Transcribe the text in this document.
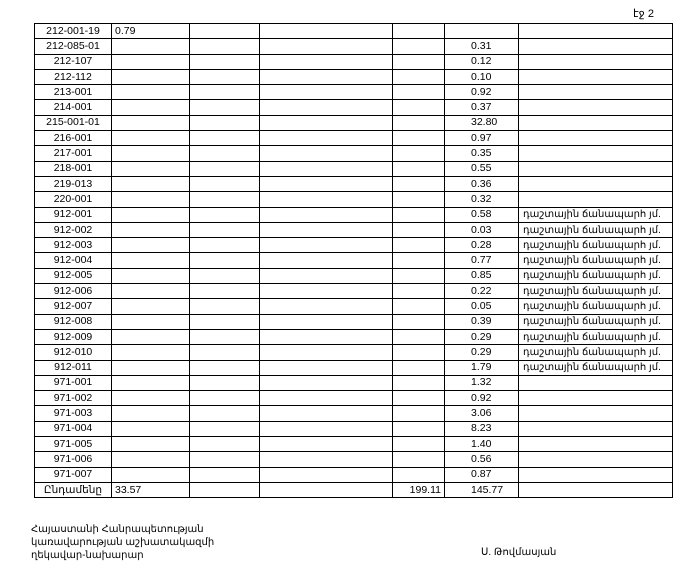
էջ 2
212-001-19	0.79					
212-085-01					0.31	
212-107					0.12	
212-112					0.10	
213-001					0.92	
214-001					0.37	
215-001-01					32.80	
216-001					0.97	
217-001					0.35	
218-001					0.55	
219-013					0.36	
220-001					0.32	
912-001					0.58	դաշտային ճանապարհ յմ.
912-002					0.03	դաշտային ճանապարհ յմ.
912-003					0.28	դաշտային ճանապարհ յմ.
912-004					0.77	դաշտային ճանապարհ յմ.
912-005					0.85	դաշտային ճանապարհ յմ.
912-006					0.22	դաշտային ճանապարհ յմ.
912-007					0.05	դաշտային ճանապարհ յմ.
912-008					0.39	դաշտային ճանապարհ յմ.
912-009					0.29	դաշտային ճանապարհ յմ.
912-010					0.29	դաշտային ճանապարհ յմ.
912-011					1.79	դաշտային ճանապարհ յմ.
971-001					1.32	
971-002					0.92	
971-003					3.06	
971-004					8.23	
971-005					1.40	
971-006					0.56	
971-007					0.87	
Ընդամենը	33.57			199.11	145.77	
Հայաստանի Հանրապետության
կառավարության աշխատակազմի
ղեկավար-նախարար	Ս. Թովմասյան
